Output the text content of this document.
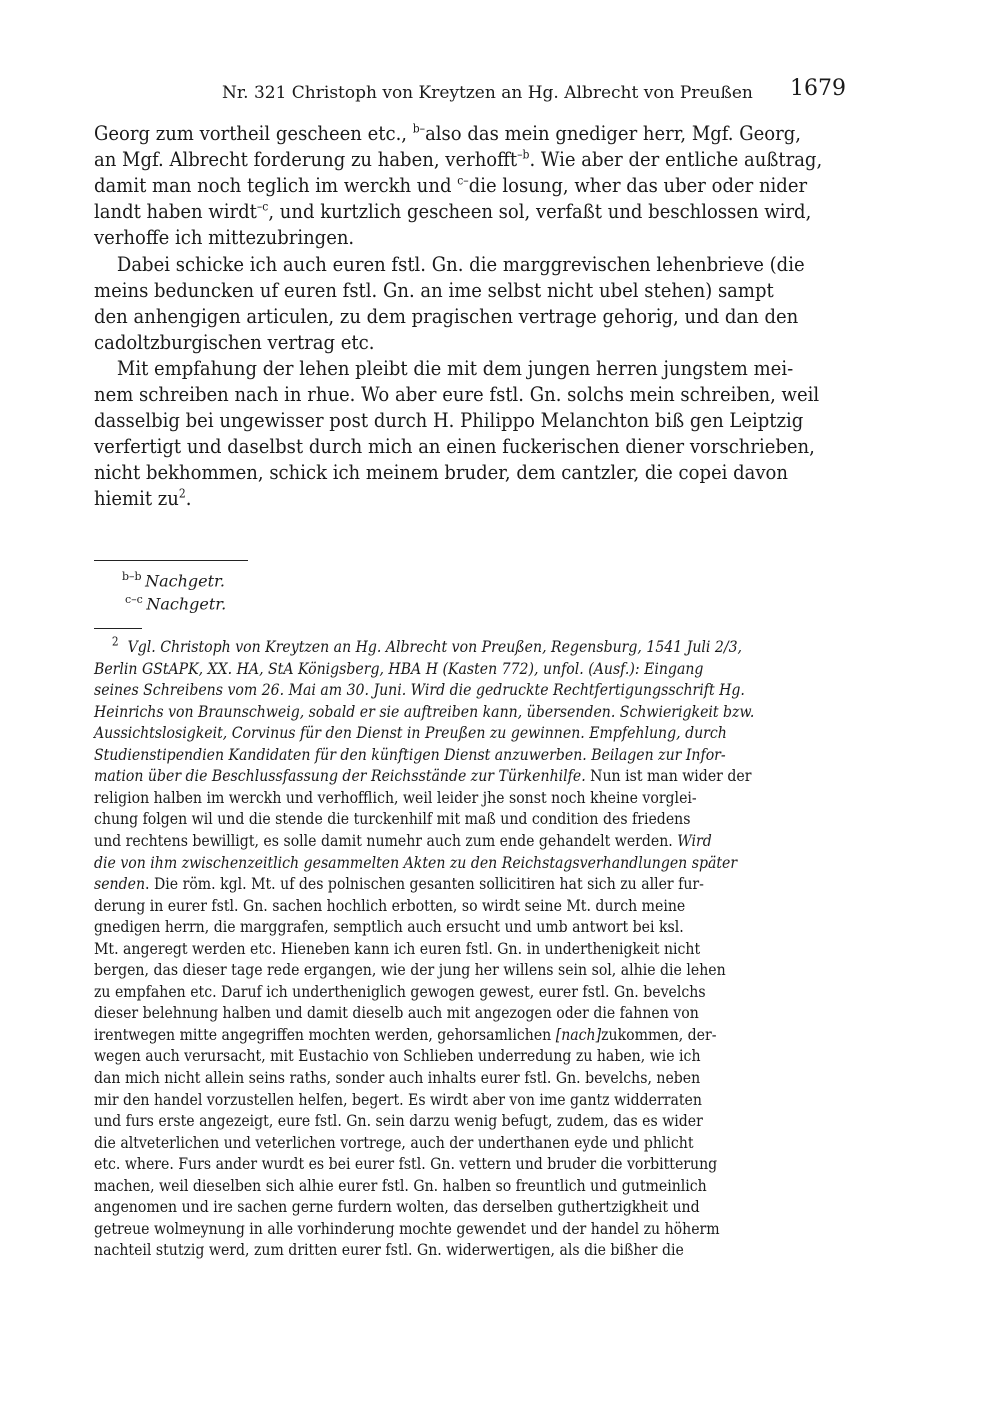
Nr. 321 Christoph von Kreytzen an Hg. Albrecht von Preußen 1679
Georg zum vortheil gescheen etc., $^{b-}$also das mein gnediger herr, Mgf. Georg,
an Mgf. Albrecht forderung zu haben, verhofft$^{-b}$. Wie aber der entliche außtrag,
damit man noch teglich im werckh und $^{c-}$die losung, wher das uber oder nider
landt haben wirdt$^{-c}$, und kurtzlich gescheen sol, verfaßt und beschlossen wird,
verhoffe ich mittezubringen.
Dabei schicke ich auch euren fstl. Gn. die marggrevischen lehenbrieve (die
meins beduncken uf euren fstl. Gn. an ime selbst nicht ubel stehen) sampt
den anhengigen articulen, zu dem pragischen vertrage gehorig, und dan den
cadoltzburgischen vertrag etc.
Mit empfahung der lehen pleibt die mit dem jungen herren jungstem mei-
nem schreiben nach in rhue. Wo aber eure fstl. Gn. solchs mein schreiben, weil
dasselbig bei ungewisser post durch H. Philippo Melanchton biß gen Leiptzig
verfertigt und daselbst durch mich an einen fuckerischen diener vorschrieben,
nicht bekhommen, schick ich meinem bruder, dem cantzler, die copei davon
hiemit $zu^2$.
$^{b-b}$ Nachgetr.
$^{c-c}$ Nachgetr.
$^2$ Vgl. Christoph von Kreytzen an Hg. Albrecht von Preußen, Regensburg, 1541 Juli 2/3,
Berlin GStAPK, XX. HA, StA Königsberg, HBA H (Kasten 772), unfol. (Ausf.): Eingang
seines Schreibens vom 26. Mai am 30. Juni. Wird die gedruckte Rechtfertigungsschrift Hg.
Heinrichs von Braunschweig, sobald er sie auftreiben kann, übersenden. Schwierigkeit bzw.
Aussichtslosigkeit, Corvinus für den Dienst in Preußen zu gewinnen. Empfehlung, durch
Studienstipendien Kandidaten für den künftigen Dienst anzuwerben. Beilagen zur Infor-
mation über die Beschlussfassung der Reichsstände zur Türkenhilfe. Nun ist man wider der
religion halben im werckh und verhofflich, weil leider jhe sonst noch kheine vorglei-
chung folgen wil und die stende die turckenhilf mit maß und condition des friedens
und rechtens bewilligt, es solle damit numehr auch zum ende gehandelt werden. Wird
die von ihm zwischenzeitlich gesammelten Akten zu den Reichstagsverhandlungen später
senden. Die röm. kgl. Mt. uf des polnischen gesanten sollicitiren hat sich zu aller fur-
derung in eurer fstl. Gn. sachen hochlich erbotten, so wirdt seine Mt. durch meine
gnedigen herrn, die marggrafen, semptlich auch ersucht und umb antwort bei ksl.
Mt. angeregt werden etc. Hieneben kann ich euren fstl. Gn. in underthenigkeit nicht
bergen, das dieser tage rede ergangen, wie der jung her willens sein sol, alhie die lehen
zu empfahen etc. Daruf ich undertheniglich gewogen gewest, eurer fstl. Gn. bevelchs
dieser belehnung halben und damit dieselb auch mit angezogen oder die fahnen von
irentwegen mitte angegriffen mochten werden, gehorsamlichen [nach]zukommen, der-
wegen auch verursacht, mit Eustachio von Schlieben underredung zu haben, wie ich
dan mich nicht allein seins raths, sonder auch inhalts eurer fstl. Gn. bevelchs, neben
mir den handel vorzustellen helfen, begert. Es wirdt aber von ime gantz widderraten
und furs erste angezeigt, eure fstl. Gn. sein darzu wenig befugt, zudem, das es wider
die altveterlichen und veterlichen vortrege, auch der underthanen eyde und phlicht
etc. where. Furs ander wurdt es bei eurer fstl. Gn. vettern und bruder die vorbitterung
machen, weil dieselben sich alhie eurer fstl. Gn. halben so freuntlich und gutmeinlich
angenomen und ire sachen gerne furdern wolten, das derselben guthertzigkheit und
getreue wolmeynung in alle vorhinderung mochte gewendet und der handel zu höherm
nachteil stutzig werd, zum dritten eurer fstl. Gn. widerwertigen, als die bißher die
